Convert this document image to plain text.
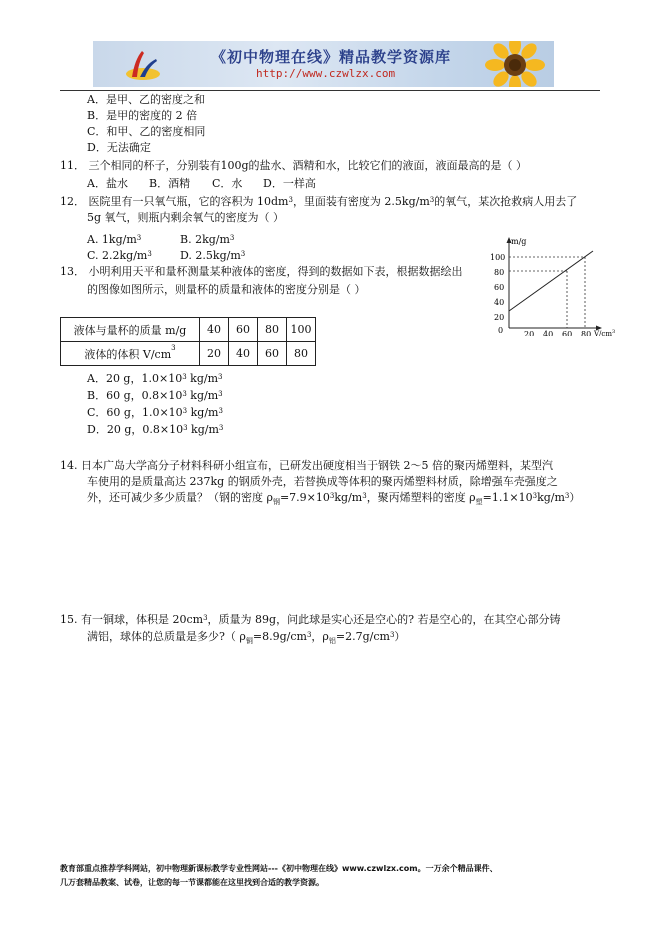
《初中物理在线》精品教学资源库
http://www.czwlzx.com
A．是甲、乙的密度之和
B．是甲的密度的 2 倍
C．和甲、乙的密度相同
D．无法确定
11． 三个相同的杯子，分别装有100g的盐水、酒精和水，比较它们的液面，液面最高的是（ ）
A．盐水 B．酒精 C．水 D．一样高
12． 医院里有一只氧气瓶，它的容积为 $10dm^3$，里面装有密度为 $2.5kg/m^3$的氧气，某次抢救病人用去了
5g 氧气，则瓶内剩余氧气的密度为（ ）
A. $1kg/m^3$	B. $2kg/m^3$
C. $2.2kg/m^3$	D. $2.5kg/m^3$
13． 小明利用天平和量杯测量某种液体的密度，得到的数据如下表，根据数据绘出
的图像如图所示，则量杯的质量和液体的密度分别是（ ）
液体与量杯的质量 m/g	40	60	80	100
液体的体积 $V/cm^3$	20	40	60	80
A．20 g，$1.0\times 10^3$ $kg/m^3$
B．60 g，$0.8\times 10^3$ $kg/m^3$
C．60 g，$1.0\times 10^3$ $kg/m^3$
D．20 g，$0.8\times 10^3$ $kg/m^3$
m/g
$V/cm^3$
100
80
60
40
20
0	20 40 60 80
14. 日本广岛大学高分子材料科研小组宣布，已研发出硬度相当于钢铁 2～5 倍的聚丙烯塑料，某型汽
车使用的是质量高达 237kg 的钢质外壳，若替换成等体积的聚丙烯塑料材质，除增强车壳强度之
外，还可减少多少质量？（钢的密度 $\rho_钢=7.9\times 10^3kg/m^3$，聚丙烯塑料的密度 $\rho_塑=1.1\times 10^3kg/m^3$）
15. 有一铜球，体积是 $20cm^3$，质量为 89g，问此球是实心还是空心的? 若是空心的，在其空心部分铸
满铝，球体的总质量是多少?（ $\rho_铜=8.9g/cm^3$，$\rho_铝=2.7g/cm^3$）
教育部重点推荐学科网站，初中物理新课标教学专业性网站---《初中物理在线》www.czwlzx.com。一万余个精品课件、
几万套精品教案、试卷，让您的每一节课都能在这里找到合适的教学资源。
